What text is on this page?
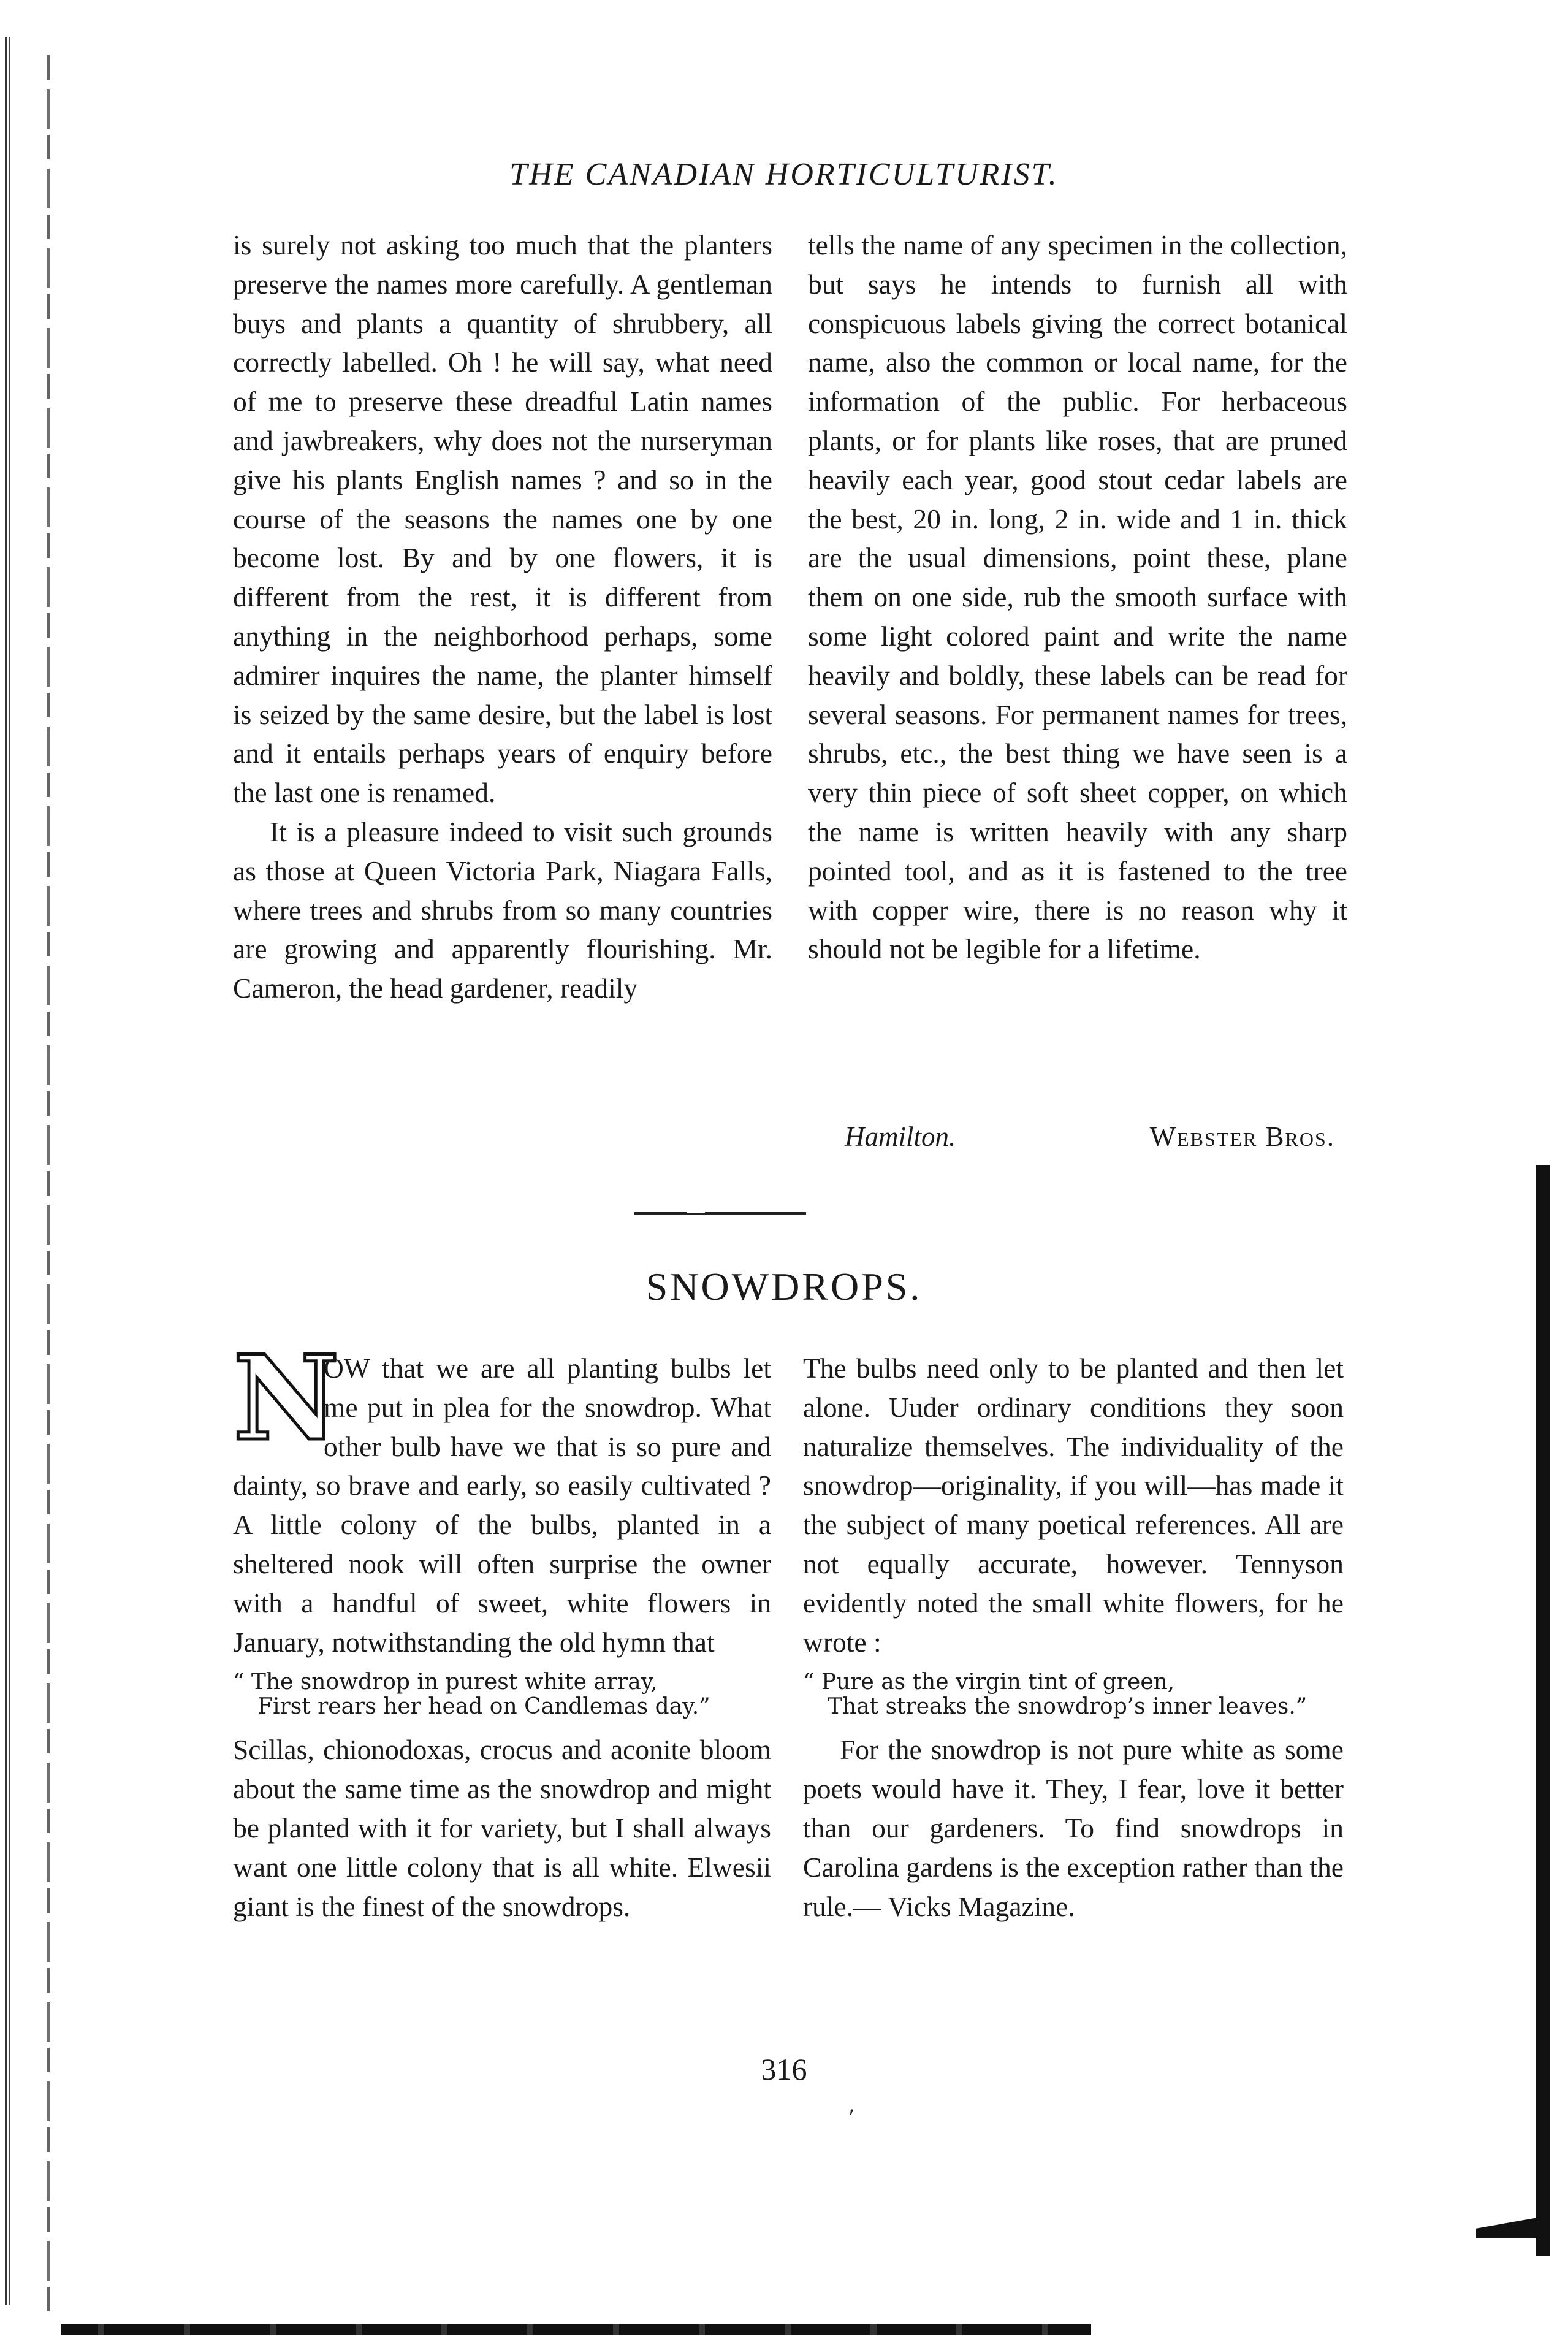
THE CANADIAN HORTICULTURIST.

is surely not asking too much that the planters preserve the names more carefully. A gentleman buys and plants a quantity of shrubbery, all correctly labelled. Oh ! he will say, what need of me to preserve these dreadful Latin names and jawbreakers, why does not the nurseryman give his plants English names ? and so in the course of the seasons the names one by one become lost. By and by one flowers, it is different from the rest, it is different from anything in the neighborhood perhaps, some admirer inquires the name, the planter himself is seized by the same desire, but the label is lost and it entails perhaps years of enquiry before the last one is renamed.

It is a pleasure indeed to visit such grounds as those at Queen Victoria Park, Niagara Falls, where trees and shrubs from so many countries are growing and apparently flourishing. Mr. Cameron, the head gardener, readily

tells the name of any specimen in the collection, but says he intends to furnish all with conspicuous labels giving the correct botanical name, also the common or local name, for the information of the public. For herbaceous plants, or for plants like roses, that are pruned heavily each year, good stout cedar labels are the best, 20 in. long, 2 in. wide and 1 in. thick are the usual dimensions, point these, plane them on one side, rub the smooth surface with some light colored paint and write the name heavily and boldly, these labels can be read for several seasons. For permanent names for trees, shrubs, etc., the best thing we have seen is a very thin piece of soft sheet copper, on which the name is written heavily with any sharp pointed tool, and as it is fastened to the tree with copper wire, there is no reason why it should not be legible for a lifetime.

Hamilton.	Webster Bros.
SNOWDROPS.

N
OW that we are all planting bulbs let me put in plea for the snowdrop. What other bulb have we that is so pure and dainty, so brave and early, so easily cultivated ? A little colony of the bulbs, planted in a sheltered nook will often surprise the owner with a handful of sweet, white flowers in January, notwithstanding the old hymn that

“ The snowdrop in purest white array,
First rears her head on Candlemas day.”

Scillas, chionodoxas, crocus and aconite bloom about the same time as the snowdrop and might be planted with it for variety, but I shall always want one little colony that is all white. Elwesii giant is the finest of the snowdrops.

The bulbs need only to be planted and then let alone. Uuder ordinary conditions they soon naturalize themselves. The individuality of the snowdrop—originality, if you will—has made it the subject of many poetical references. All are not equally accurate, however. Tennyson evidently noted the small white flowers, for he wrote :

“ Pure as the virgin tint of green,
That streaks the snowdrop’s inner leaves.”

For the snowdrop is not pure white as some poets would have it. They, I fear, love it better than our gardeners. To find snowdrops in Carolina gardens is the exception rather than the rule.— Vicks Magazine.

316
′
